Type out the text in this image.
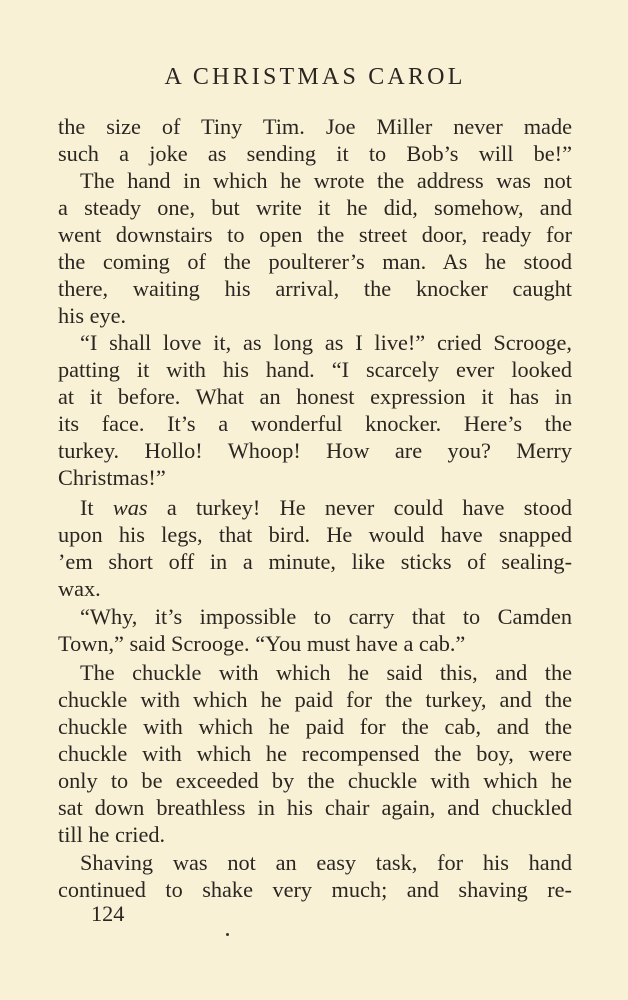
A CHRISTMAS CAROL
the size of Tiny Tim. Joe Miller never made
such a joke as sending it to Bob’s will be!”
The hand in which he wrote the address was not
a steady one, but write it he did, somehow, and
went downstairs to open the street door, ready for
the coming of the poulterer’s man. As he stood
there, waiting his arrival, the knocker caught
his eye.
“I shall love it, as long as I live!” cried Scrooge,
patting it with his hand. “I scarcely ever looked
at it before. What an honest expression it has in
its face. It’s a wonderful knocker. Here’s the
turkey. Hollo! Whoop! How are you? Merry
Christmas!”
It was a turkey! He never could have stood
upon his legs, that bird. He would have snapped
’em short off in a minute, like sticks of sealing-
wax.
“Why, it’s impossible to carry that to Camden
Town,” said Scrooge. “You must have a cab.”
The chuckle with which he said this, and the
chuckle with which he paid for the turkey, and the
chuckle with which he paid for the cab, and the
chuckle with which he recompensed the boy, were
only to be exceeded by the chuckle with which he
sat down breathless in his chair again, and chuckled
till he cried.
Shaving was not an easy task, for his hand
continued to shake very much; and shaving re-
124
